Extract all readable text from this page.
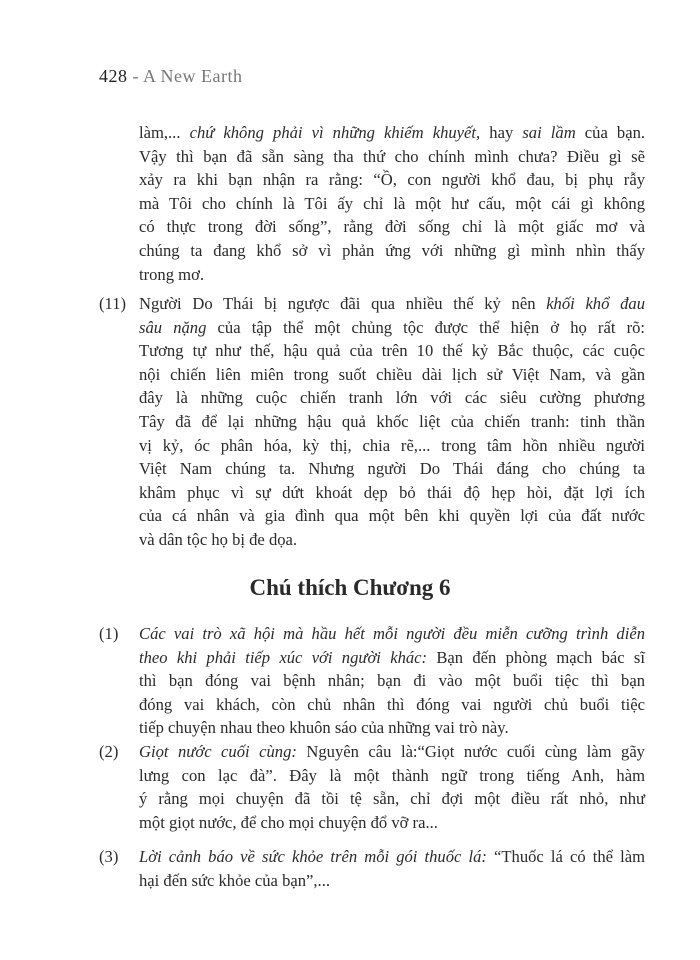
428 - A New Earth
làm,... chứ không phải vì những khiếm khuyết, hay sai lầm của bạn.
Vậy thì bạn đã sẵn sàng tha thứ cho chính mình chưa? Điều gì sẽ
xảy ra khi bạn nhận ra rằng: “Ồ, con người khổ đau, bị phụ rẫy
mà Tôi cho chính là Tôi ấy chỉ là một hư cấu, một cái gì không
có thực trong đời sống”, rằng đời sống chỉ là một giấc mơ và
chúng ta đang khổ sở vì phản ứng với những gì mình nhìn thấy
trong mơ.
(11) Người Do Thái bị ngược đãi qua nhiều thế kỷ nên khối khổ đau
sâu nặng của tập thể một chủng tộc được thể hiện ở họ rất rõ:
Tương tự như thế, hậu quả của trên 10 thế kỷ Bắc thuộc, các cuộc
nội chiến liên miên trong suốt chiều dài lịch sử Việt Nam, và gần
đây là những cuộc chiến tranh lớn với các siêu cường phương
Tây đã để lại những hậu quả khốc liệt của chiến tranh: tinh thần
vị kỷ, óc phân hóa, kỳ thị, chia rẽ,... trong tâm hồn nhiều người
Việt Nam chúng ta. Nhưng người Do Thái đáng cho chúng ta
khâm phục vì sự dứt khoát dẹp bỏ thái độ hẹp hòi, đặt lợi ích
của cá nhân và gia đình qua một bên khi quyền lợi của đất nước
và dân tộc họ bị đe dọa.
Chú thích Chương 6
(1) Các vai trò xã hội mà hầu hết mỗi người đều miễn cưỡng trình diễn
theo khi phải tiếp xúc với người khác: Bạn đến phòng mạch bác sĩ
thì bạn đóng vai bệnh nhân; bạn đi vào một buổi tiệc thì bạn
đóng vai khách, còn chủ nhân thì đóng vai người chủ buổi tiệc
tiếp chuyện nhau theo khuôn sáo của những vai trò này.
(2) Giọt nước cuối cùng: Nguyên câu là:“Giọt nước cuối cùng làm gãy
lưng con lạc đà”. Đây là một thành ngữ trong tiếng Anh, hàm
ý rằng mọi chuyện đã tồi tệ sẵn, chỉ đợi một điều rất nhỏ, như
một giọt nước, để cho mọi chuyện đổ vỡ ra...
(3) Lời cảnh báo về sức khỏe trên mỗi gói thuốc lá: “Thuốc lá có thể làm
hại đến sức khỏe của bạn”,...
